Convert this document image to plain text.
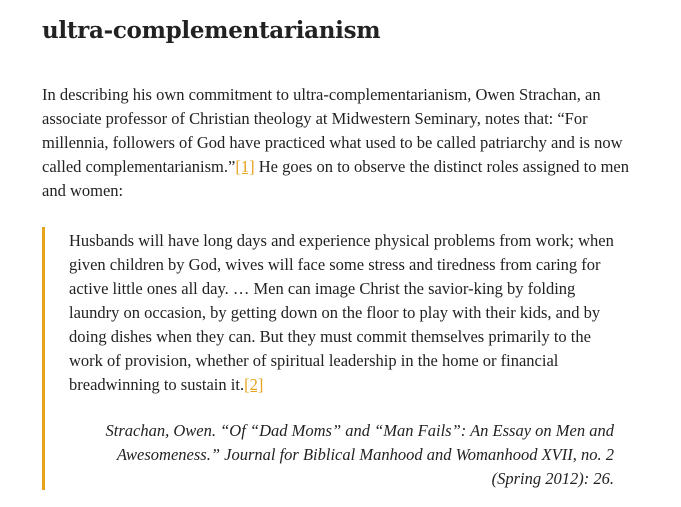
ultra-complementarianism

In describing his own commitment to ultra-complementarianism, Owen Strachan, an associate professor of Christian theology at Midwestern Seminary, notes that: “For millennia, followers of God have practiced what used to be called patriarchy and is now called complementarianism.”[1] He goes on to observe the distinct roles assigned to men and women:

Husbands will have long days and experience physical problems from work; when given children by God, wives will face some stress and tiredness from caring for active little ones all day. … Men can image Christ the savior-king by folding laundry on occasion, by getting down on the floor to play with their kids, and by doing dishes when they can. But they must commit themselves primarily to the work of provision, whether of spiritual leadership in the home or financial breadwinning to sustain it.[2]

Strachan, Owen. “Of “Dad Moms” and “Man Fails”: An Essay on Men and Awesomeness.” Journal for Biblical Manhood and Womanhood XVII, no. 2 (Spring 2012): 26.
